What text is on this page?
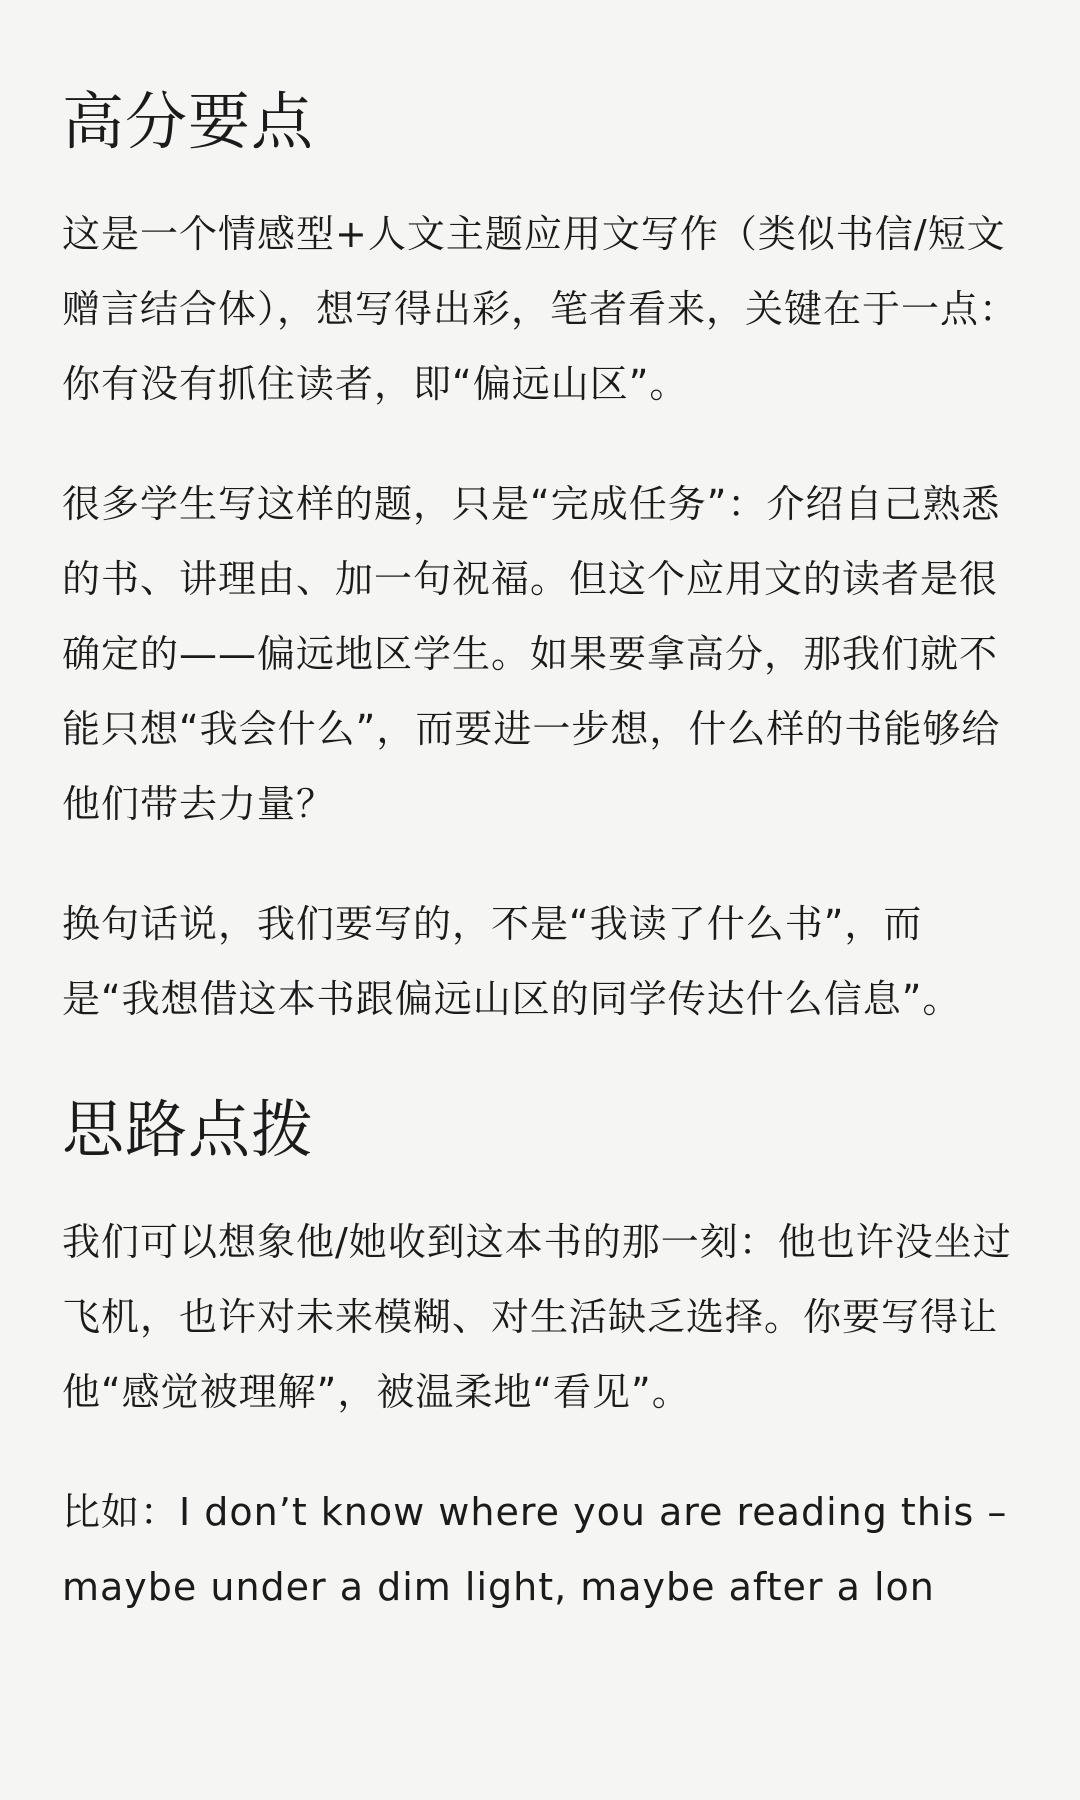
高分要点

这是一个情感型+人文主题应用文写作（类似书信/短文赠言结合体），想写得出彩，笔者看来，关键在于一点：你有没有抓住读者，即“偏远山区”。

很多学生写这样的题，只是“完成任务”：介绍自己熟悉的书、讲理由、加一句祝福。但这个应用文的读者是很确定的——偏远地区学生。如果要拿高分，那我们就不能只想“我会什么”，而要进一步想，什么样的书能够给他们带去力量？

换句话说，我们要写的，不是“我读了什么书”，而是“我想借这本书跟偏远山区的同学传达什么信息”。

思路点拨

我们可以想象他/她收到这本书的那一刻：他也许没坐过飞机，也许对未来模糊、对生活缺乏选择。你要写得让他“感觉被理解”，被温柔地“看见”。

比如：I don’t know where you are reading this – maybe under a dim light, maybe after a lon
